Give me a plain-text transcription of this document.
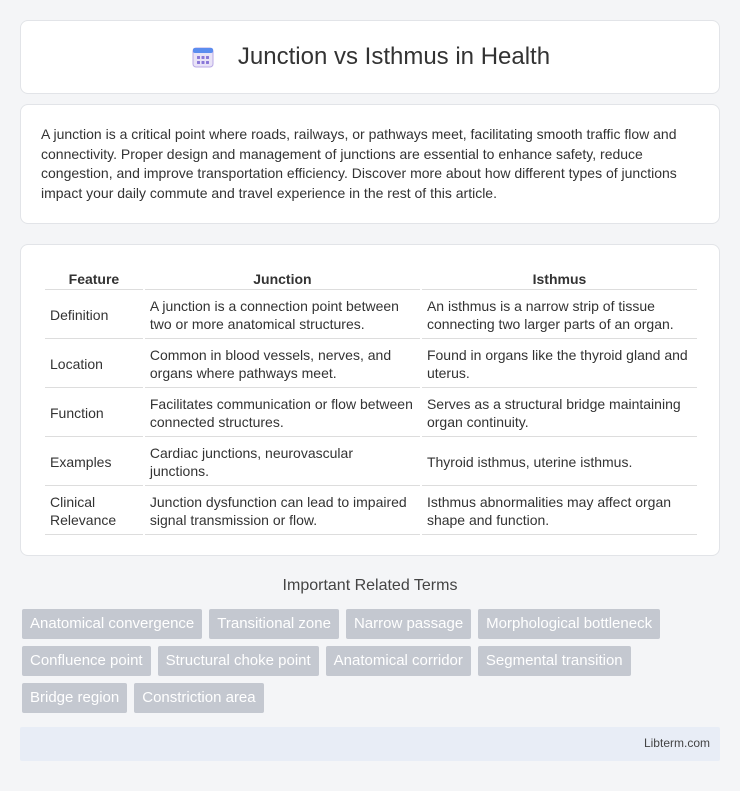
Junction vs Isthmus in Health

A junction is a critical point where roads, railways, or pathways meet, facilitating smooth traffic flow and connectivity. Proper design and management of junctions are essential to enhance safety, reduce congestion, and improve transportation efficiency. Discover more about how different types of junctions impact your daily commute and travel experience in the rest of this article.

Feature	Junction	Isthmus
Definition	A junction is a connection point between two or more anatomical structures.	An isthmus is a narrow strip of tissue connecting two larger parts of an organ.
Location	Common in blood vessels, nerves, and organs where pathways meet.	Found in organs like the thyroid gland and uterus.
Function	Facilitates communication or flow between connected structures.	Serves as a structural bridge maintaining organ continuity.
Examples	Cardiac junctions, neurovascular junctions.	Thyroid isthmus, uterine isthmus.
Clinical Relevance	Junction dysfunction can lead to impaired signal transmission or flow.	Isthmus abnormalities may affect organ shape and function.
Important Related Terms
Anatomical convergence	Transitional zone	Narrow passage	Morphological bottleneck
Confluence point	Structural choke point	Anatomical corridor	Segmental transition
Bridge region	Constriction area
Libterm.com
